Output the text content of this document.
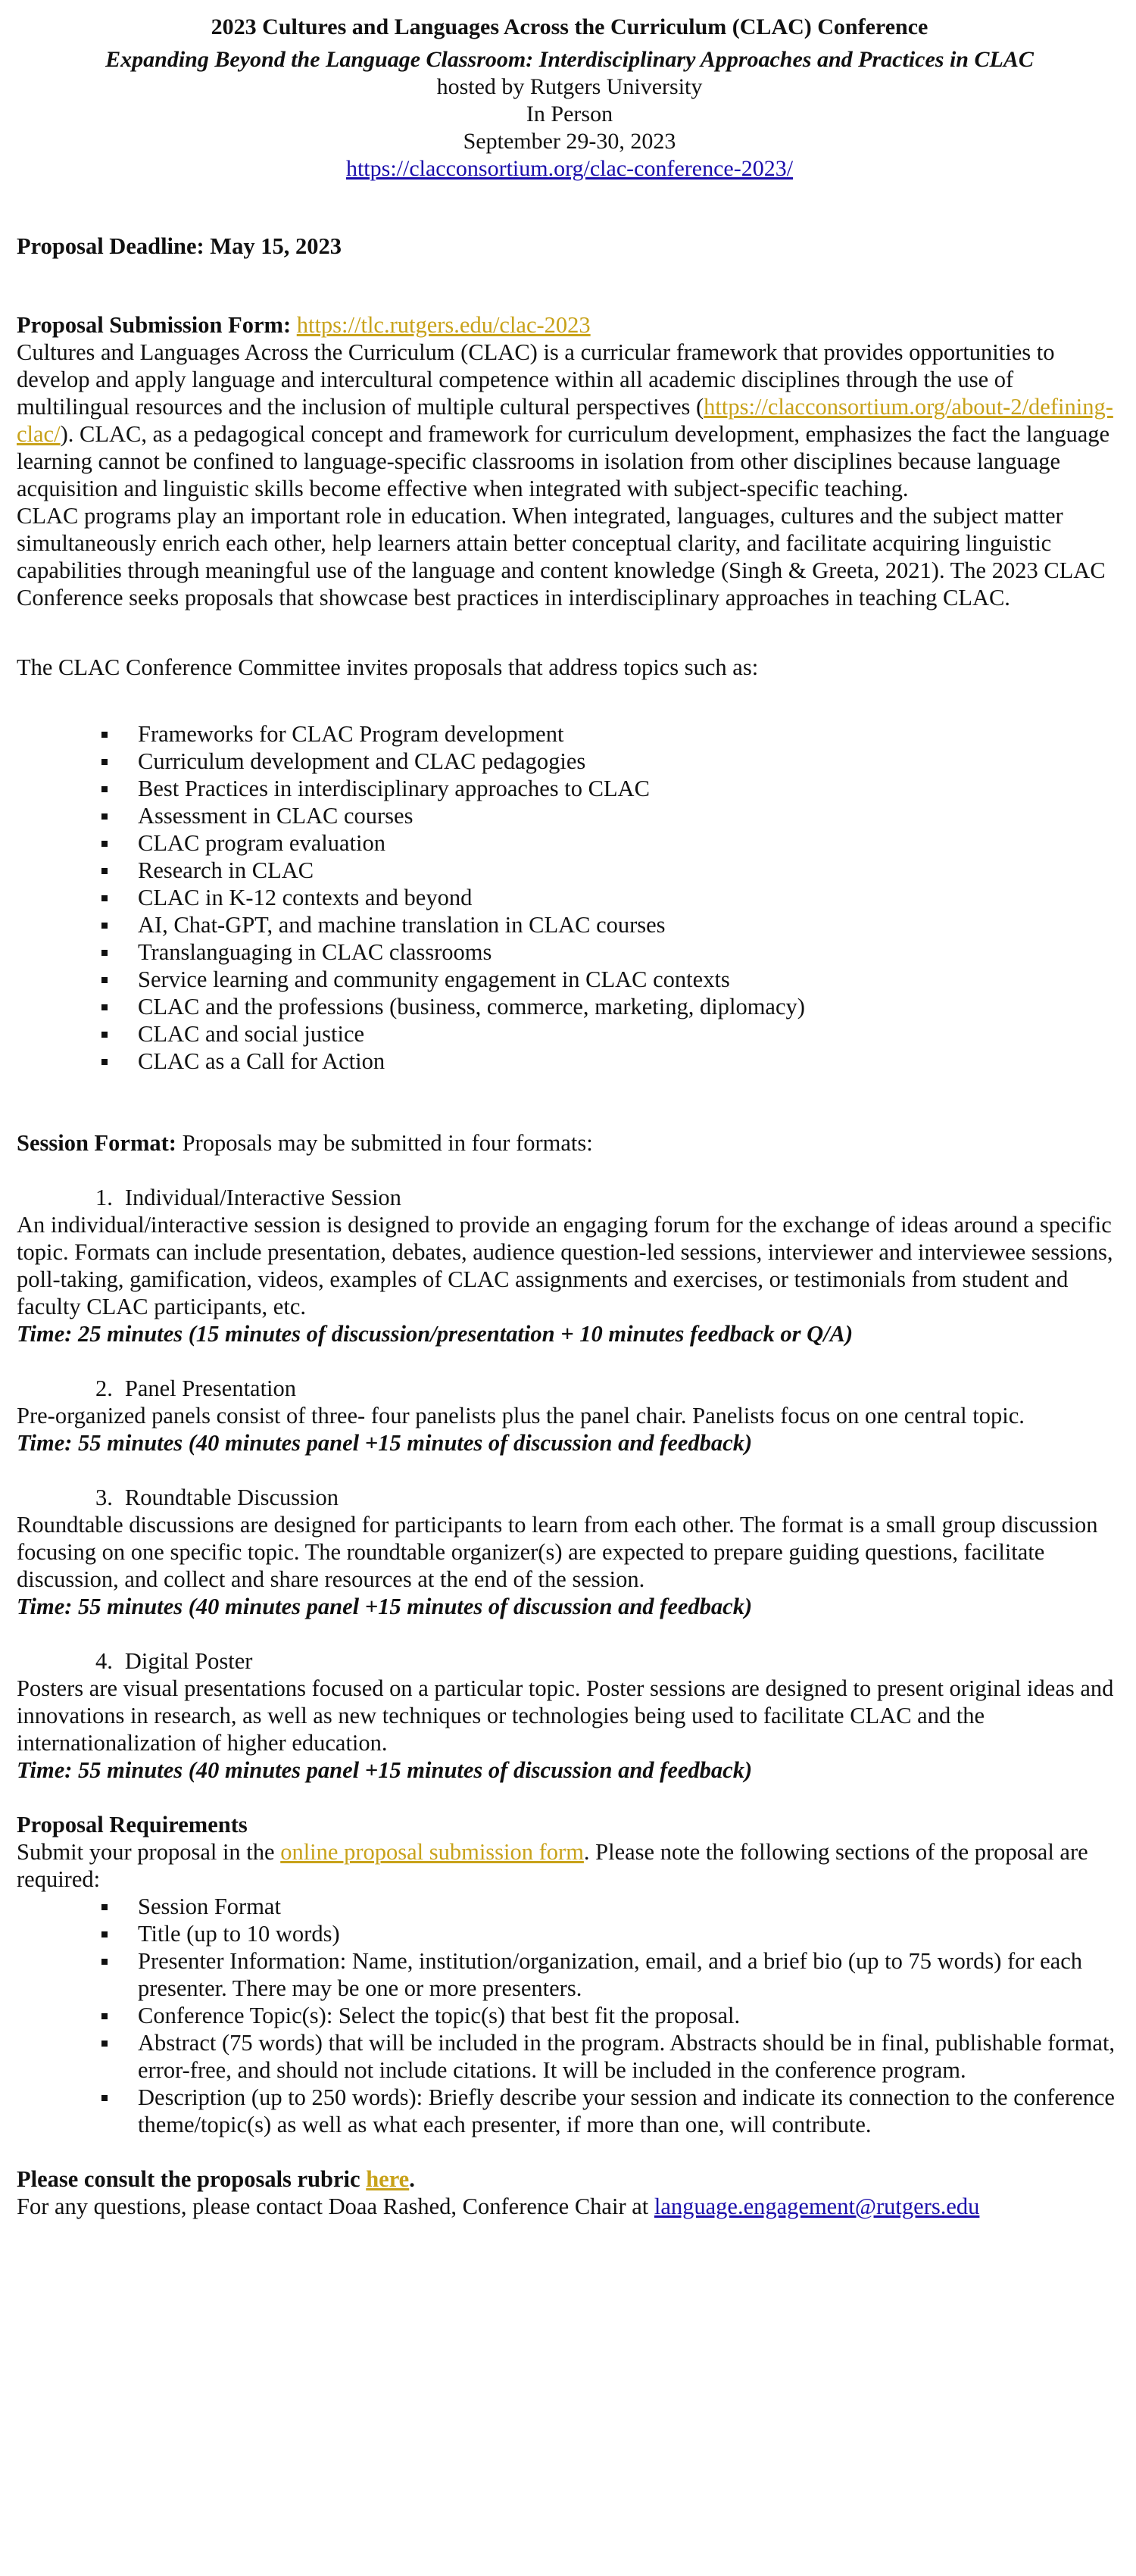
2023 Cultures and Languages Across the Curriculum (CLAC) Conference
Expanding Beyond the Language Classroom: Interdisciplinary Approaches and Practices in CLAC
hosted by Rutgers University
In Person
September 29-30, 2023
https://clacconsortium.org/clac-conference-2023/
Proposal Deadline: May 15, 2023
Proposal Submission Form: https://tlc.rutgers.edu/clac-2023

Cultures and Languages Across the Curriculum (CLAC) is a curricular framework that provides opportunities to develop and apply language and intercultural competence within all academic disciplines through the use of multilingual resources and the inclusion of multiple cultural perspectives (https://clacconsortium.org/about-2/defining-clac/). CLAC, as a pedagogical concept and framework for curriculum development, emphasizes the fact the language learning cannot be confined to language-specific classrooms in isolation from other disciplines because language acquisition and linguistic skills become effective when integrated with subject-specific teaching.

CLAC programs play an important role in education. When integrated, languages, cultures and the subject matter simultaneously enrich each other, help learners attain better conceptual clarity, and facilitate acquiring linguistic capabilities through meaningful use of the language and content knowledge (Singh & Greeta, 2021). The 2023 CLAC Conference seeks proposals that showcase best practices in interdisciplinary approaches in teaching CLAC.

The CLAC Conference Committee invites proposals that address topics such as:
Frameworks for CLAC Program development
Curriculum development and CLAC pedagogies
Best Practices in interdisciplinary approaches to CLAC
Assessment in CLAC courses
CLAC program evaluation
Research in CLAC
CLAC in K-12 contexts and beyond
AI, Chat-GPT, and machine translation in CLAC courses
Translanguaging in CLAC classrooms
Service learning and community engagement in CLAC contexts
CLAC and the professions (business, commerce, marketing, diplomacy)
CLAC and social justice
CLAC as a Call for Action
Session Format: Proposals may be submitted in four formats:
1. Individual/Interactive Session
An individual/interactive session is designed to provide an engaging forum for the exchange of ideas around a specific topic. Formats can include presentation, debates, audience question-led sessions, interviewer and interviewee sessions, poll-taking, gamification, videos, examples of CLAC assignments and exercises, or testimonials from student and faculty CLAC participants, etc.
Time: 25 minutes (15 minutes of discussion/presentation + 10 minutes feedback or Q/A)
2. Panel Presentation
Pre-organized panels consist of three- four panelists plus the panel chair. Panelists focus on one central topic.
Time: 55 minutes (40 minutes panel +15 minutes of discussion and feedback)
3. Roundtable Discussion
Roundtable discussions are designed for participants to learn from each other. The format is a small group discussion focusing on one specific topic. The roundtable organizer(s) are expected to prepare guiding questions, facilitate discussion, and collect and share resources at the end of the session.
Time: 55 minutes (40 minutes panel +15 minutes of discussion and feedback)
4. Digital Poster
Posters are visual presentations focused on a particular topic. Poster sessions are designed to present original ideas and innovations in research, as well as new techniques or technologies being used to facilitate CLAC and the internationalization of higher education.
Time: 55 minutes (40 minutes panel +15 minutes of discussion and feedback)
Proposal Requirements
Submit your proposal in the online proposal submission form. Please note the following sections of the proposal are required:
Session Format
Title (up to 10 words)
Presenter Information: Name, institution/organization, email, and a brief bio (up to 75 words) for each presenter. There may be one or more presenters.
Conference Topic(s): Select the topic(s) that best fit the proposal.
Abstract (75 words) that will be included in the program. Abstracts should be in final, publishable format, error-free, and should not include citations. It will be included in the conference program.
Description (up to 250 words): Briefly describe your session and indicate its connection to the conference theme/topic(s) as well as what each presenter, if more than one, will contribute.
Please consult the proposals rubric here.
For any questions, please contact Doaa Rashed, Conference Chair at language.engagement@rutgers.edu
